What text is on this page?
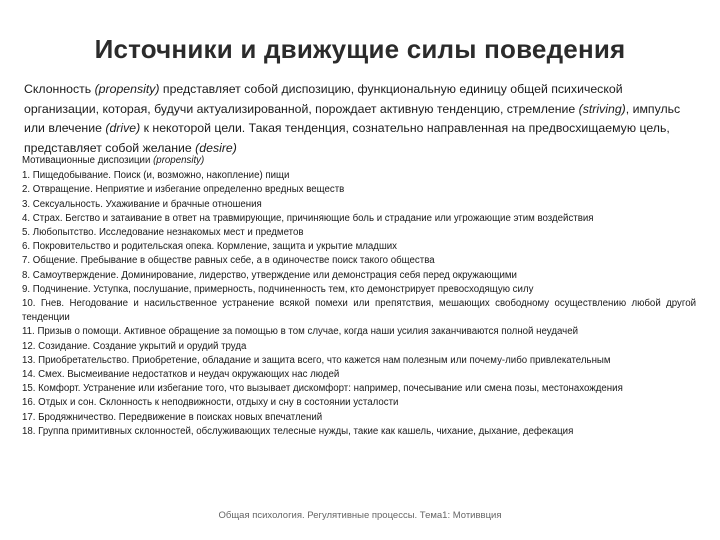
Источники и движущие силы поведения
Склонность (propensity) представляет собой диспозицию, функциональную единицу общей психической организации, которая, будучи актуализированной, порождает активную тенденцию, стремление (striving), импульс или влечение (drive) к некоторой цели. Такая тенденция, сознательно направленная на предвосхищаемую цель, представляет собой желание (desire)
Мотивационные диспозиции (propensity)
1. Пищедобывание. Поиск (и, возможно, накопление) пищи
2. Отвращение. Неприятие и избегание определенно вредных веществ
3. Сексуальность. Ухаживание и брачные отношения
4. Страх. Бегство и затаивание в ответ на травмирующие, причиняющие боль и страдание или угрожающие этим воздействия
5. Любопытство. Исследование незнакомых мест и предметов
6. Покровительство и родительская опека. Кормление, защита и укрытие младших
7. Общение. Пребывание в обществе равных себе, а в одиночестве поиск такого общества
8. Самоутверждение. Доминирование, лидерство, утверждение или демонстрация себя перед окружающими
9. Подчинение. Уступка, послушание, примерность, подчиненность тем, кто демонстрирует превосходящую силу
10. Гнев. Негодование и насильственное устранение всякой помехи или препятствия, мешающих свободному осуществлению любой другой тенденции
11. Призыв о помощи. Активное обращение за помощью в том случае, когда наши усилия заканчиваются полной неудачей
12. Созидание. Создание укрытий и орудий труда
13. Приобретательство. Приобретение, обладание и защита всего, что кажется нам полезным или почему-либо привлекательным
14. Смех. Высмеивание недостатков и неудач окружающих нас людей
15. Комфорт. Устранение или избегание того, что вызывает дискомфорт: например, почесывание или смена позы, местонахождения
16. Отдых и сон. Склонность к неподвижности, отдыху и сну в состоянии усталости
17. Бродяжничество. Передвижение в поисках новых впечатлений
18. Группа примитивных склонностей, обслуживающих телесные нужды, такие как кашель, чихание, дыхание, дефекация
Общая психология. Регулятивные процессы. Тема1: Мотиввция
